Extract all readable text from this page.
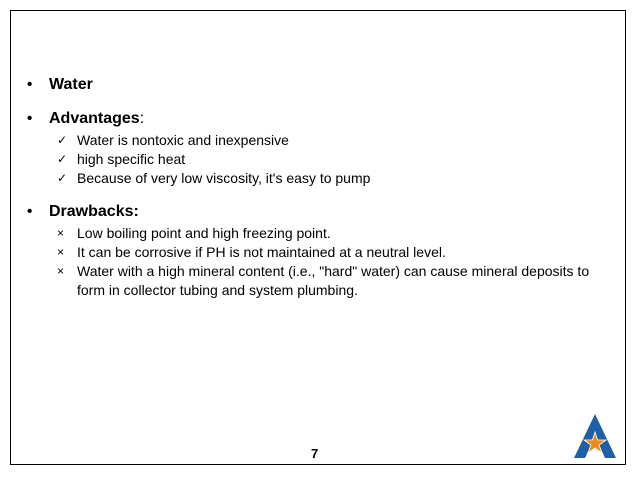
•	Water
•	Advantages :
✓ Water is nontoxic and inexpensive
✓ high specific heat
✓ Because of very low viscosity, it's easy to pump
•	Drawbacks:
× Low boiling point and high freezing point.
× It can be corrosive if PH is not maintained at a neutral level.
× Water with a high mineral content (i.e., "hard" water) can cause mineral deposits to form in collector tubing and system plumbing.
7
